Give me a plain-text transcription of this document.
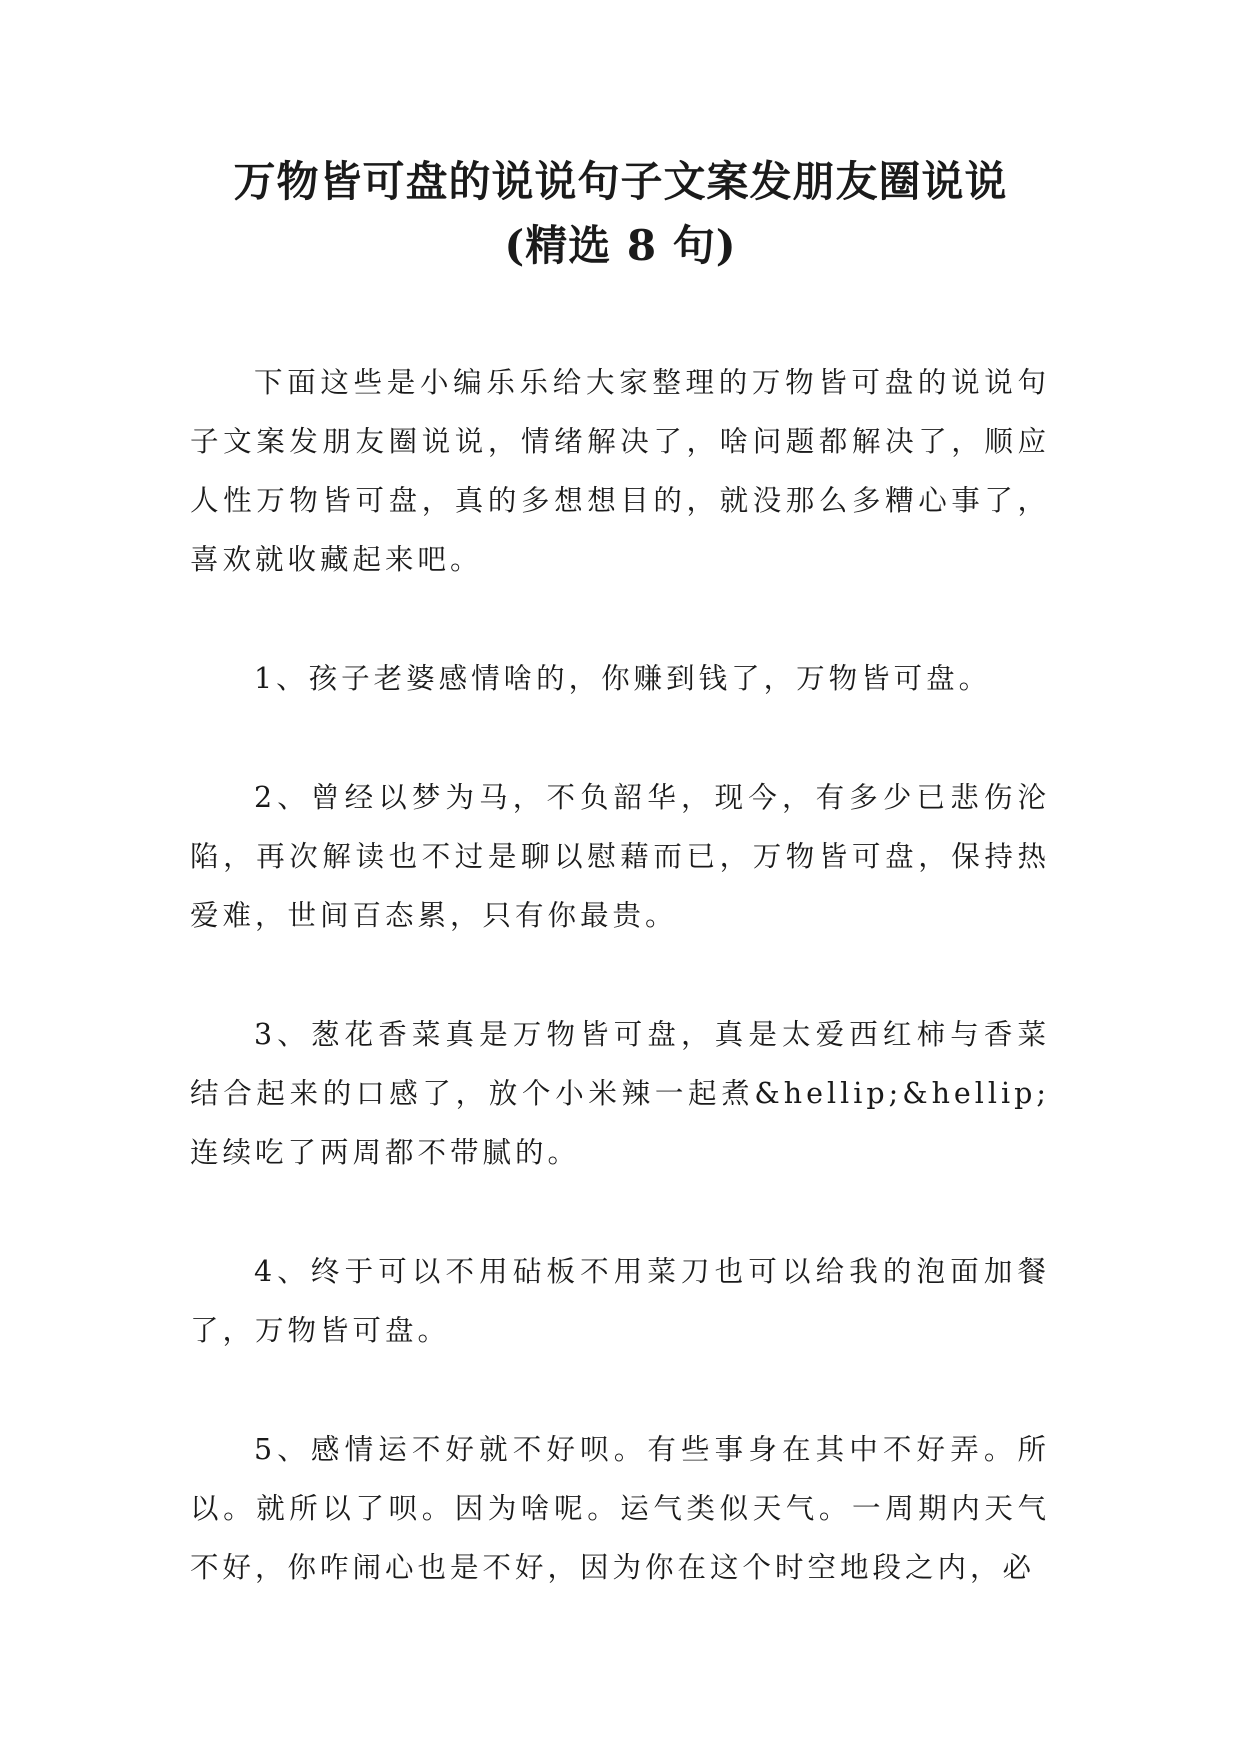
万物皆可盘的说说句子文案发朋友圈说说
(精选 8 句)

下面这些是小编乐乐给大家整理的万物皆可盘的说说句子文案发朋友圈说说，情绪解决了，啥问题都解决了，顺应人性万物皆可盘，真的多想想目的，就没那么多糟心事了，喜欢就收藏起来吧。

1、孩子老婆感情啥的，你赚到钱了，万物皆可盘。

2、曾经以梦为马，不负韶华，现今，有多少已悲伤沦陷，再次解读也不过是聊以慰藉而已，万物皆可盘，保持热爱难，世间百态累，只有你最贵。

3、葱花香菜真是万物皆可盘，真是太爱西红柿与香菜结合起来的口感了，放个小米辣一起煮&hellip;&hellip;连续吃了两周都不带腻的。

4、终于可以不用砧板不用菜刀也可以给我的泡面加餐了，万物皆可盘。

5、感情运不好就不好呗。有些事身在其中不好弄。所以。就所以了呗。因为啥呢。运气类似天气。一周期内天气不好，你咋闹心也是不好，因为你在这个时空地段之内，必
